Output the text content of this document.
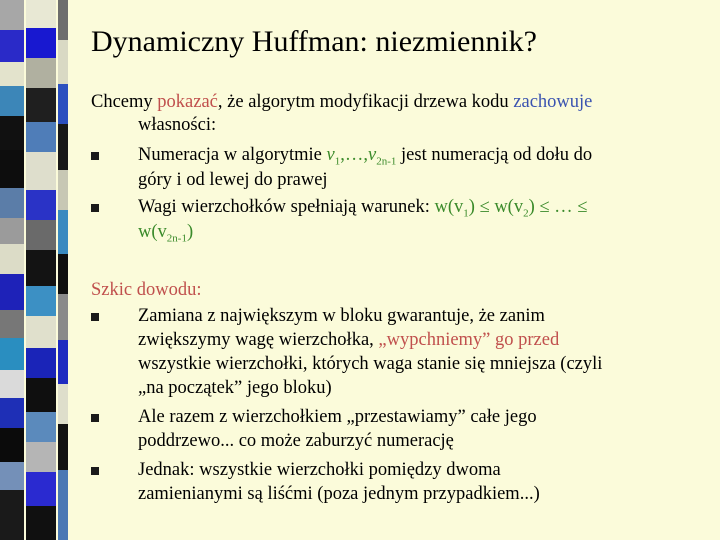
Dynamiczny Huffman: niezmiennik?
Chcemy pokazać, że algorytm modyfikacji drzewa kodu zachowuje
własności:
Numeracja w algorytmie $v_1,\dots,v_{2n-1}$ jest numeracją od dołu do
góry i od lewej do prawej
Wagi wierzchołków spełniają warunek: $w(v_1) \le w(v_2)$ ≤ … ≤
$w(v_{2n-1})$
Szkic dowodu:
Zamiana z największym w bloku gwarantuje, że zanim
zwiększymy wagę wierzchołka, „wypchniemy” go przed
wszystkie wierzchołki, których waga stanie się mniejsza (czyli
„na początek” jego bloku)
Ale razem z wierzchołkiem „przestawiamy” całe jego
poddrzewo... co może zaburzyć numerację
Jednak: wszystkie wierzchołki pomiędzy dwoma
zamienianymi są liśćmi (poza jednym przypadkiem...)
